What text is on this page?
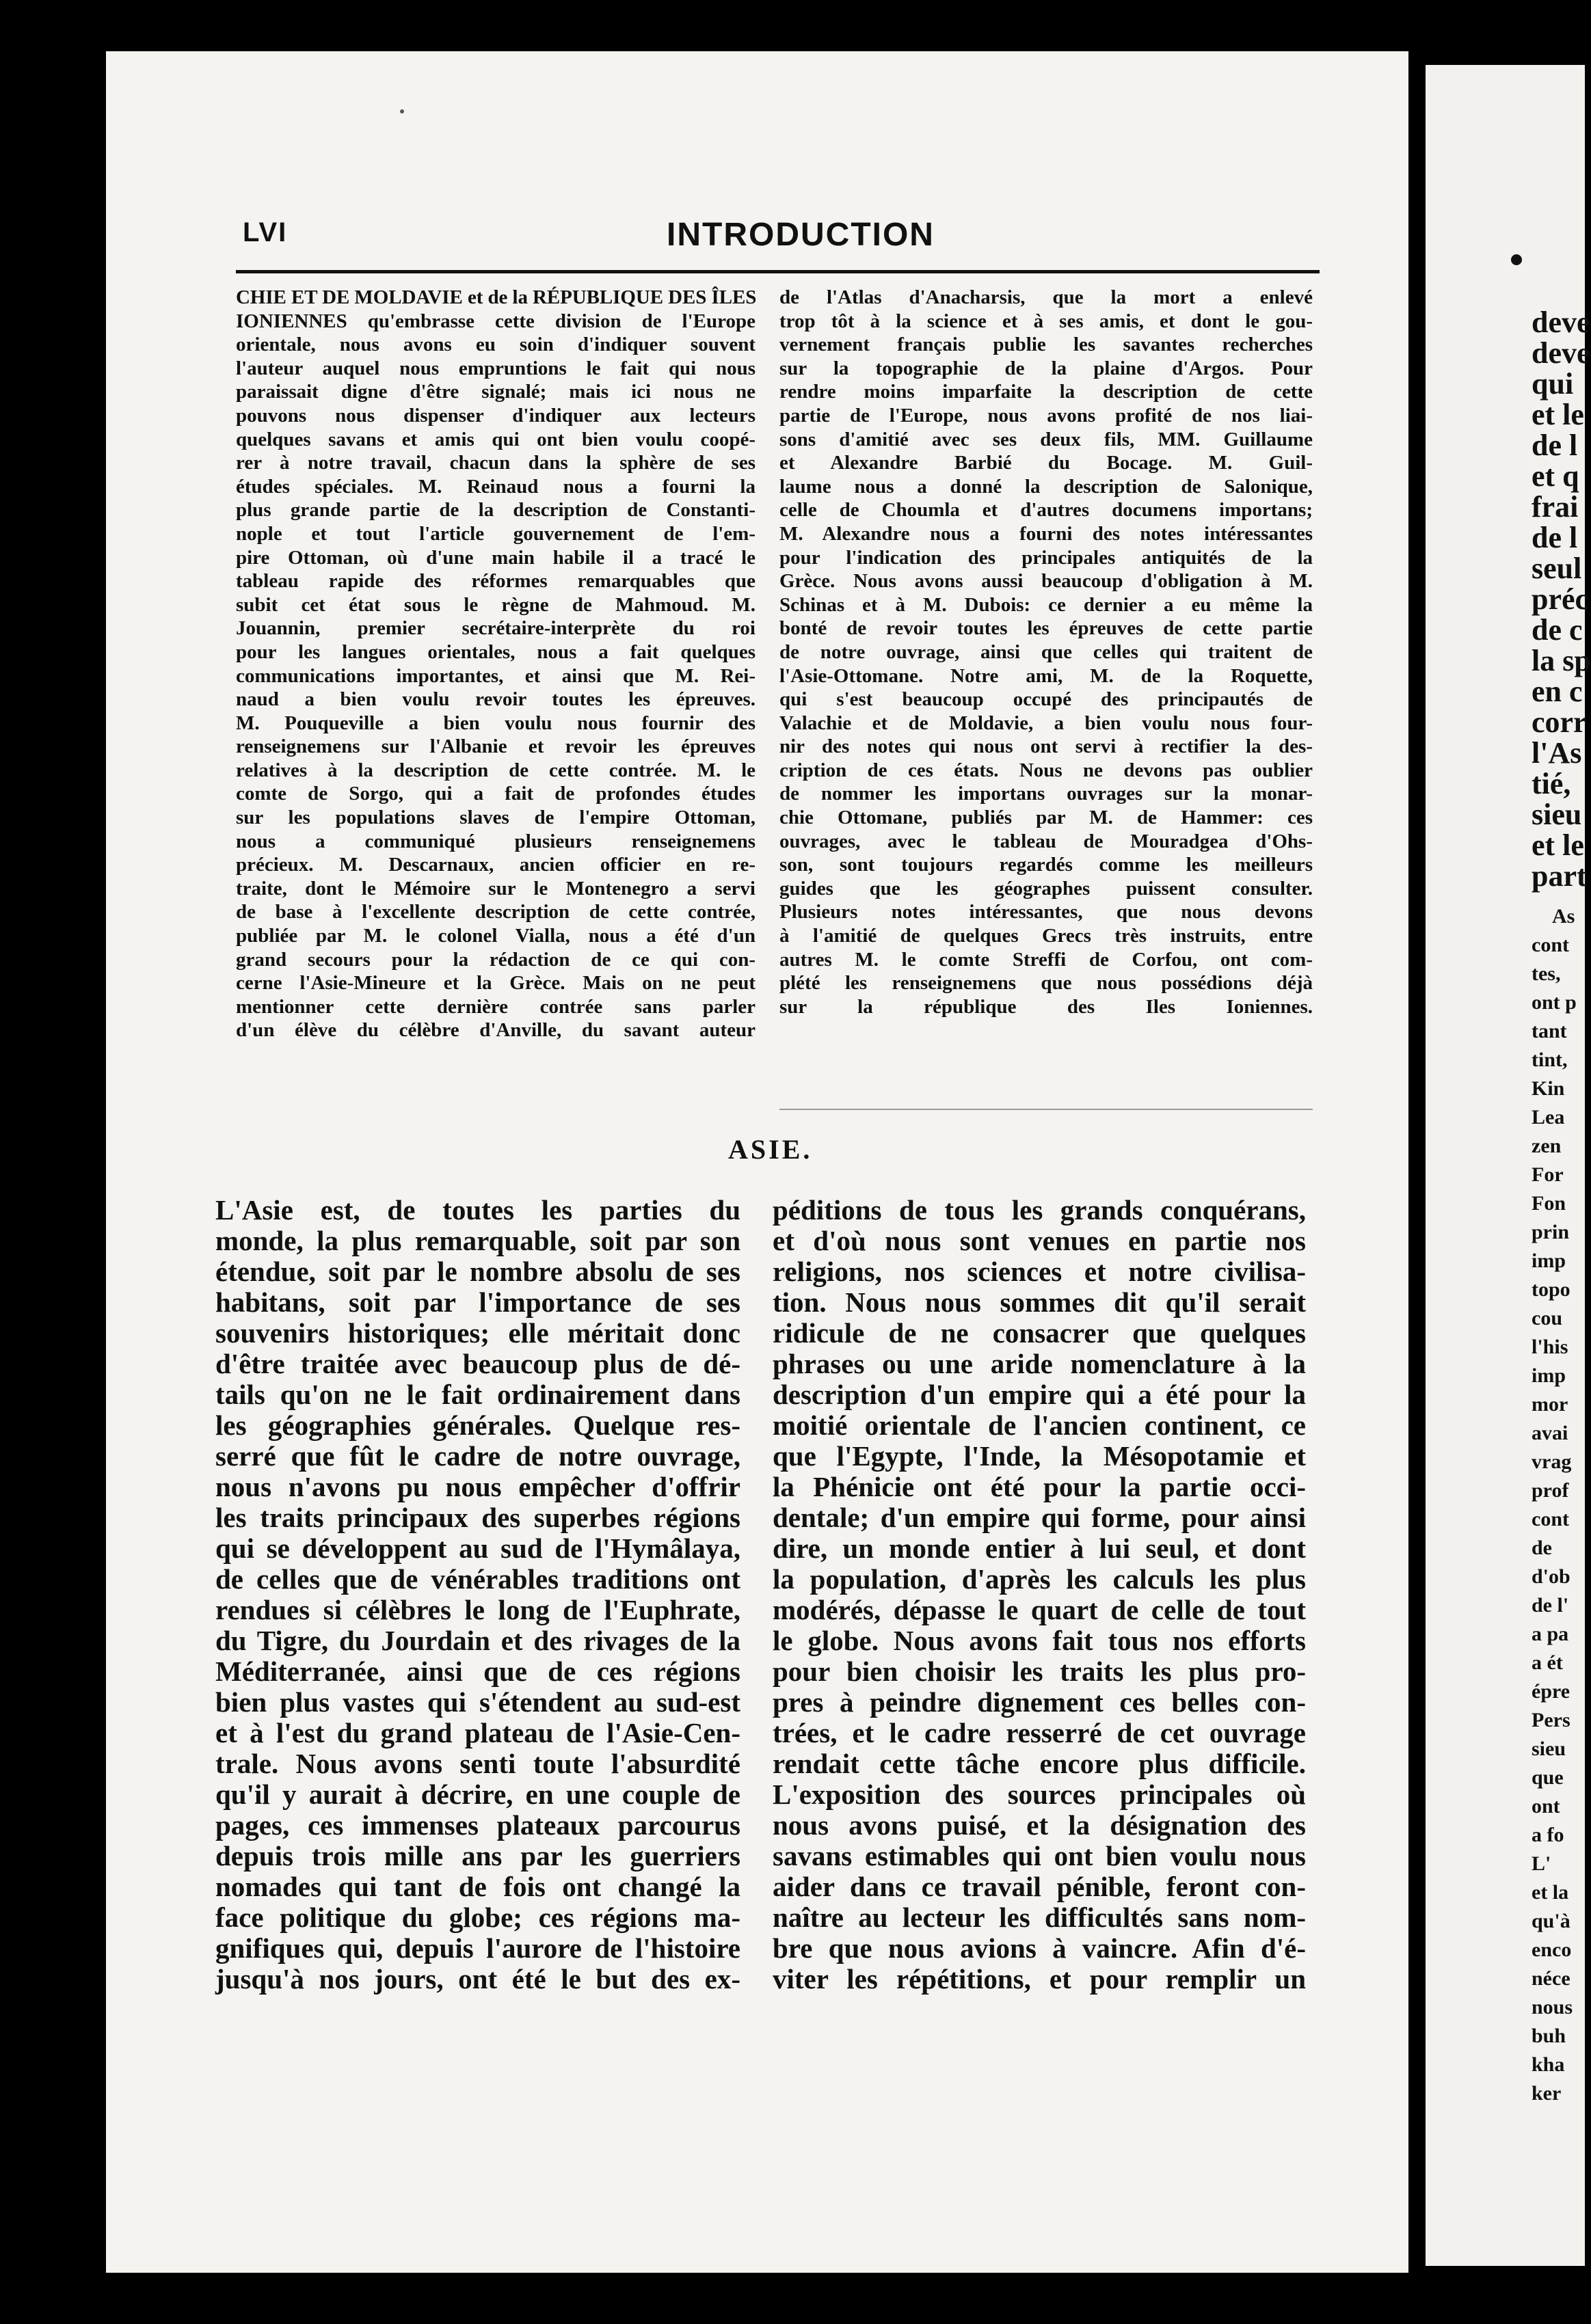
deve
deve
qui
et le
de l
et q
frai
de l
seul
préc
de c
la sp
en c
corr
l'As
tié,
sieu
et le
part
As
cont
tes,
ont p
tant
tint,
Kin
Lea
zen
For
Fon
prin
imp
topo
cou
l'his
imp
mor
avai
vrag
prof
cont
de
d'ob
de l'
a pa
a ét
épre
Pers
sieu
que
ont
a fo
L'
et la
qu'à
enco
néce
nous
buh
kha
ker
LVI	INTRODUCTION
CHIE ET DE MOLDAVIE et de la RÉPUBLIQUE DES ÎLES
IONIENNES qu'embrasse cette division de l'Europe
orientale, nous avons eu soin d'indiquer souvent
l'auteur auquel nous empruntions le fait qui nous
paraissait digne d'être signalé; mais ici nous ne
pouvons nous dispenser d'indiquer aux lecteurs
quelques savans et amis qui ont bien voulu coopé-
rer à notre travail, chacun dans la sphère de ses
études spéciales. M. Reinaud nous a fourni la
plus grande partie de la description de Constanti-
nople et tout l'article gouvernement de l'em-
pire Ottoman, où d'une main habile il a tracé le
tableau rapide des réformes remarquables que
subit cet état sous le règne de Mahmoud. M.
Jouannin, premier secrétaire-interprète du roi
pour les langues orientales, nous a fait quelques
communications importantes, et ainsi que M. Rei-
naud a bien voulu revoir toutes les épreuves.
M. Pouqueville a bien voulu nous fournir des
renseignemens sur l'Albanie et revoir les épreuves
relatives à la description de cette contrée. M. le
comte de Sorgo, qui a fait de profondes études
sur les populations slaves de l'empire Ottoman,
nous a communiqué plusieurs renseignemens
précieux. M. Descarnaux, ancien officier en re-
traite, dont le Mémoire sur le Montenegro a servi
de base à l'excellente description de cette contrée,
publiée par M. le colonel Vialla, nous a été d'un
grand secours pour la rédaction de ce qui con-
cerne l'Asie-Mineure et la Grèce. Mais on ne peut
mentionner cette dernière contrée sans parler
d'un élève du célèbre d'Anville, du savant auteur
de l'Atlas d'Anacharsis, que la mort a enlevé
trop tôt à la science et à ses amis, et dont le gou-
vernement français publie les savantes recherches
sur la topographie de la plaine d'Argos. Pour
rendre moins imparfaite la description de cette
partie de l'Europe, nous avons profité de nos liai-
sons d'amitié avec ses deux fils, MM. Guillaume
et Alexandre Barbié du Bocage. M. Guil-
laume nous a donné la description de Salonique,
celle de Choumla et d'autres documens importans;
M. Alexandre nous a fourni des notes intéressantes
pour l'indication des principales antiquités de la
Grèce. Nous avons aussi beaucoup d'obligation à M.
Schinas et à M. Dubois: ce dernier a eu même la
bonté de revoir toutes les épreuves de cette partie
de notre ouvrage, ainsi que celles qui traitent de
l'Asie-Ottomane. Notre ami, M. de la Roquette,
qui s'est beaucoup occupé des principautés de
Valachie et de Moldavie, a bien voulu nous four-
nir des notes qui nous ont servi à rectifier la des-
cription de ces états. Nous ne devons pas oublier
de nommer les importans ouvrages sur la monar-
chie Ottomane, publiés par M. de Hammer: ces
ouvrages, avec le tableau de Mouradgea d'Ohs-
son, sont toujours regardés comme les meilleurs
guides que les géographes puissent consulter.
Plusieurs notes intéressantes, que nous devons
à l'amitié de quelques Grecs très instruits, entre
autres M. le comte Streffi de Corfou, ont com-
plété les renseignemens que nous possédions déjà
sur la république des Iles Ioniennes.
ASIE.
L'Asie est, de toutes les parties du
monde, la plus remarquable, soit par son
étendue, soit par le nombre absolu de ses
habitans, soit par l'importance de ses
souvenirs historiques; elle méritait donc
d'être traitée avec beaucoup plus de dé-
tails qu'on ne le fait ordinairement dans
les géographies générales. Quelque res-
serré que fût le cadre de notre ouvrage,
nous n'avons pu nous empêcher d'offrir
les traits principaux des superbes régions
qui se développent au sud de l'Hymâlaya,
de celles que de vénérables traditions ont
rendues si célèbres le long de l'Euphrate,
du Tigre, du Jourdain et des rivages de la
Méditerranée, ainsi que de ces régions
bien plus vastes qui s'étendent au sud-est
et à l'est du grand plateau de l'Asie-Cen-
trale. Nous avons senti toute l'absurdité
qu'il y aurait à décrire, en une couple de
pages, ces immenses plateaux parcourus
depuis trois mille ans par les guerriers
nomades qui tant de fois ont changé la
face politique du globe; ces régions ma-
gnifiques qui, depuis l'aurore de l'histoire
jusqu'à nos jours, ont été le but des ex-
péditions de tous les grands conquérans,
et d'où nous sont venues en partie nos
religions, nos sciences et notre civilisa-
tion. Nous nous sommes dit qu'il serait
ridicule de ne consacrer que quelques
phrases ou une aride nomenclature à la
description d'un empire qui a été pour la
moitié orientale de l'ancien continent, ce
que l'Egypte, l'Inde, la Mésopotamie et
la Phénicie ont été pour la partie occi-
dentale; d'un empire qui forme, pour ainsi
dire, un monde entier à lui seul, et dont
la population, d'après les calculs les plus
modérés, dépasse le quart de celle de tout
le globe. Nous avons fait tous nos efforts
pour bien choisir les traits les plus pro-
pres à peindre dignement ces belles con-
trées, et le cadre resserré de cet ouvrage
rendait cette tâche encore plus difficile.
L'exposition des sources principales où
nous avons puisé, et la désignation des
savans estimables qui ont bien voulu nous
aider dans ce travail pénible, feront con-
naître au lecteur les difficultés sans nom-
bre que nous avions à vaincre. Afin d'é-
viter les répétitions, et pour remplir un
